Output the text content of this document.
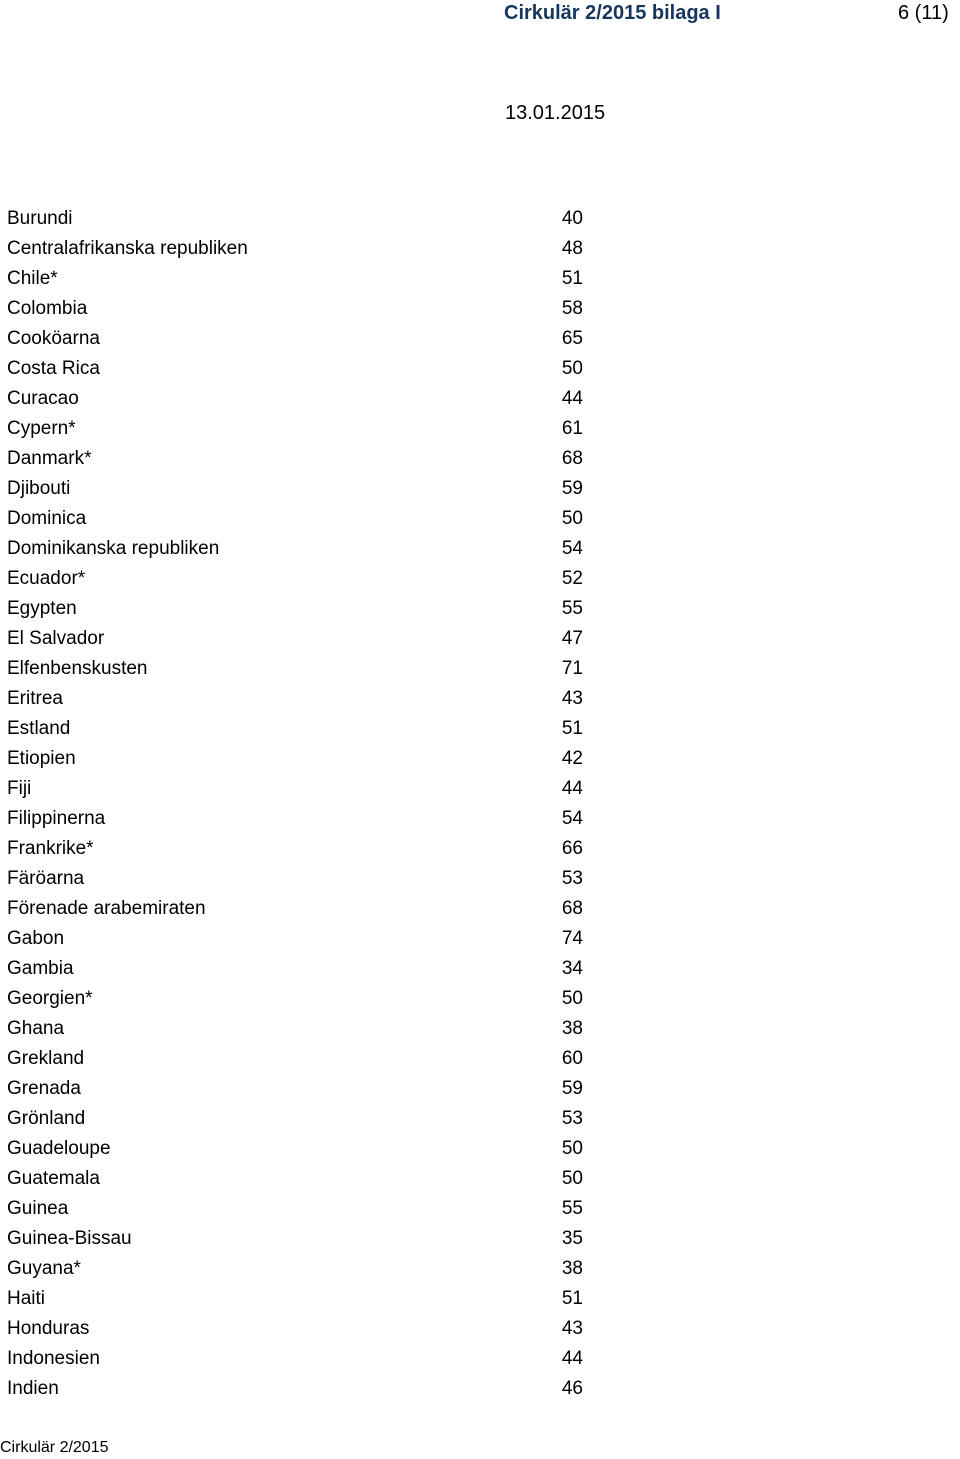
Cirkulär 2/2015 bilaga I	6 (11)
13.01.2015
Burundi	40
Centralafrikanska republiken	48
Chile*	51
Colombia	58
Cooköarna	65
Costa Rica	50
Curacao	44
Cypern*	61
Danmark*	68
Djibouti	59
Dominica	50
Dominikanska republiken	54
Ecuador*	52
Egypten	55
El Salvador	47
Elfenbenskusten	71
Eritrea	43
Estland	51
Etiopien	42
Fiji	44
Filippinerna	54
Frankrike*	66
Färöarna	53
Förenade arabemiraten	68
Gabon	74
Gambia	34
Georgien*	50
Ghana	38
Grekland	60
Grenada	59
Grönland	53
Guadeloupe	50
Guatemala	50
Guinea	55
Guinea-Bissau	35
Guyana*	38
Haiti	51
Honduras	43
Indonesien	44
Indien	46
Cirkulär 2/2015
